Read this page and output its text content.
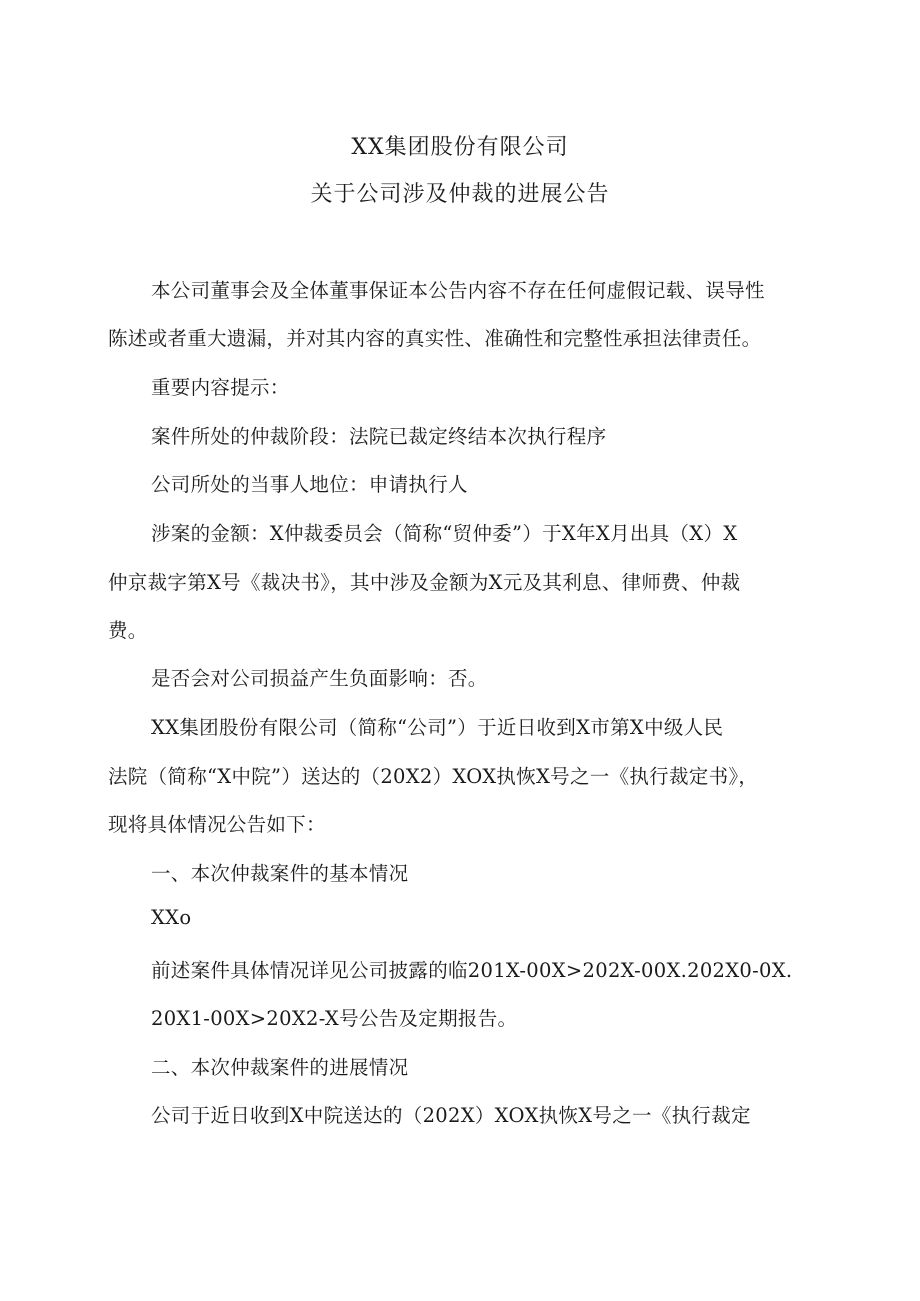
XX集团股份有限公司
关于公司涉及仲裁的进展公告
本公司董事会及全体董事保证本公告内容不存在任何虚假记载、误导性
陈述或者重大遗漏，并对其内容的真实性、准确性和完整性承担法律责任。
重要内容提示：
案件所处的仲裁阶段：法院已裁定终结本次执行程序
公司所处的当事人地位：申请执行人
涉案的金额：X仲裁委员会（简称“贸仲委”）于X年X月出具（X）X
仲京裁字第X号《裁决书》，其中涉及金额为X元及其利息、律师费、仲裁
费。
是否会对公司损益产生负面影响：否。
XX集团股份有限公司（简称“公司”）于近日收到X市第X中级人民
法院（简称“X中院”）送达的（20X2）XOX执恢X号之一《执行裁定书》，
现将具体情况公告如下：
一、本次仲裁案件的基本情况
XXo
前述案件具体情况详见公司披露的临201X-00X>202X-00X.202X0-0X.
20X1-00X>20X2-X号公告及定期报告。
二、本次仲裁案件的进展情况
公司于近日收到X中院送达的（202X）XOX执恢X号之一《执行裁定
